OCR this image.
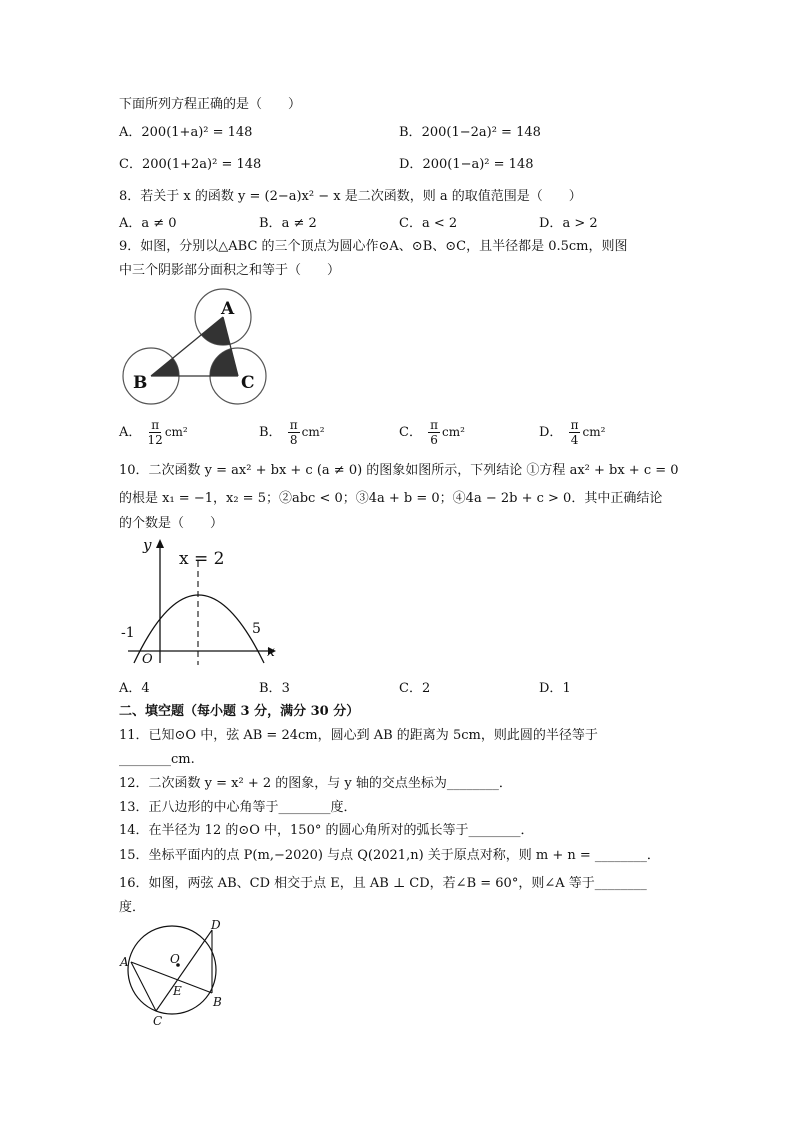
下面所列方程正确的是（　　）
A．200(1+a)² = 148	B．200(1−2a)² = 148
C．200(1+2a)² = 148	D．200(1−a)² = 148
8．若关于 x 的函数 y = (2−a)x² − x 是二次函数，则 a 的取值范围是（　　）
A．a ≠ 0	B．a ≠ 2	C．a < 2	D．a > 2
9．如图，分别以△ABC 的三个顶点为圆心作⊙A、⊙B、⊙C，且半径都是 0.5cm，则图
中三个阴影部分面积之和等于（　　）
A
B	C
A． $\frac{\pi}{12} cm^2$	B． $\frac{\pi}{8} cm^2$	C． $\frac{\pi}{6} cm^2$	D． $\frac{\pi}{4} cm^2$
10．二次函数 y = ax² + bx + c (a ≠ 0) 的图象如图所示，下列结论 ①方程 ax² + bx + c = 0
的根是 x₁ = −1，x₂ = 5；②abc < 0；③4a + b = 0；④4a − 2b + c > 0．其中正确结论
的个数是（　　）
y
x
x = 2
-1
O
5
A．4	B．3	C．2	D．1
二、填空题（每小题 3 分，满分 30 分）
11．已知⊙O 中，弦 AB = 24cm，圆心到 AB 的距离为 5cm，则此圆的半径等于
________cm.
12．二次函数 y = x² + 2 的图象，与 y 轴的交点坐标为________．
13．正八边形的中心角等于________度．
14．在半径为 12 的⊙O 中，150° 的圆心角所对的弧长等于________．
15．坐标平面内的点 P(m,−2020) 与点 Q(2021,n) 关于原点对称，则 m + n = ________．
16．如图，两弦 AB、CD 相交于点 E，且 AB ⊥ CD，若∠B = 60°，则∠A 等于________
度．
A
B
C
D
E
O
